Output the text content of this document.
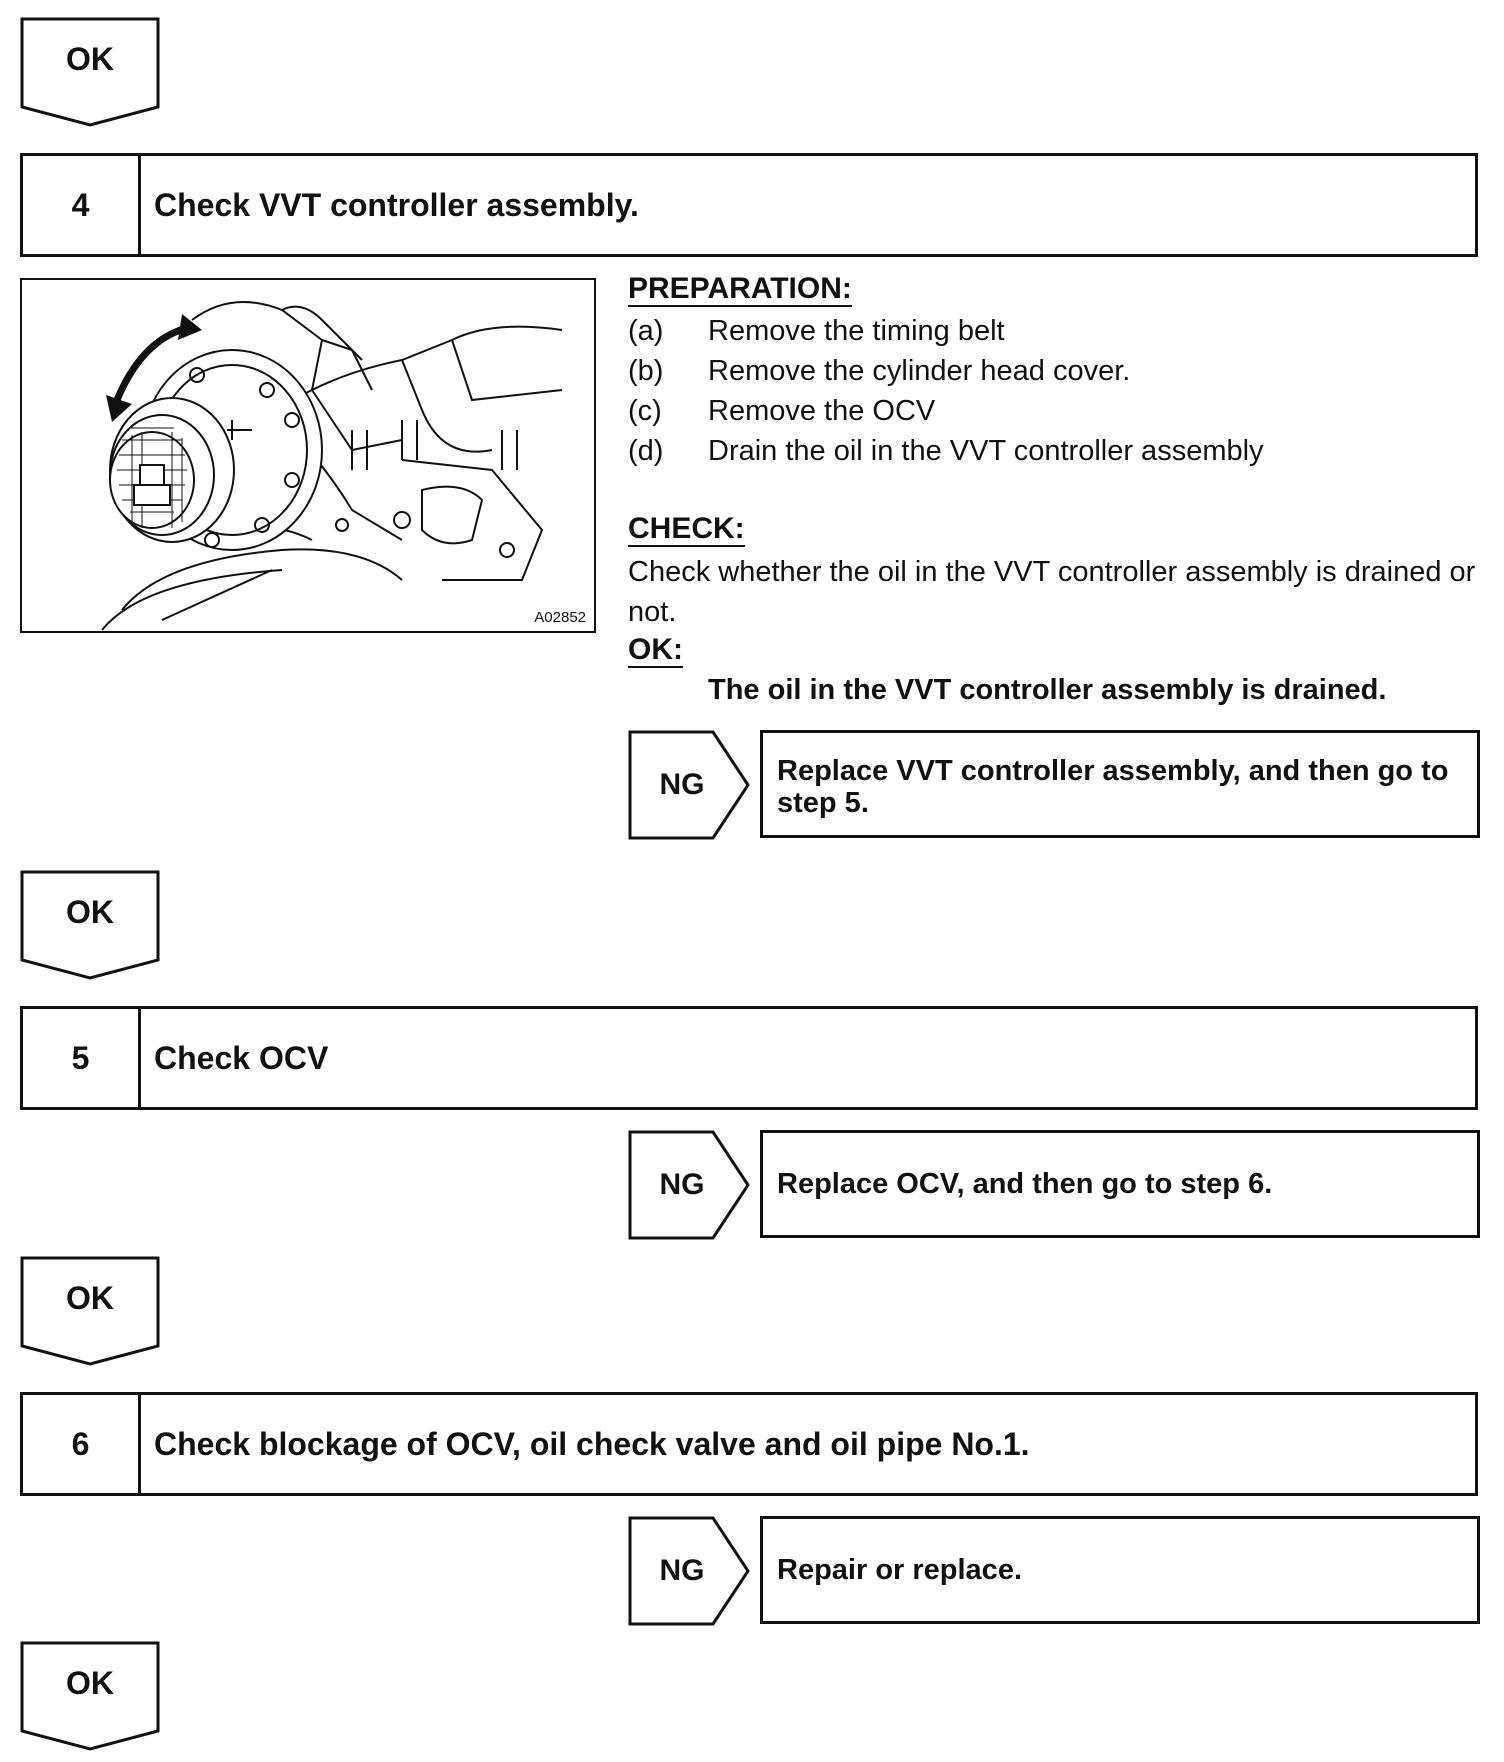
OK
4	Check VVT controller assembly.
A02852
PREPARATION:
(a) Remove the timing belt
(b) Remove the cylinder head cover.
(c) Remove the OCV
(d) Drain the oil in the VVT controller assembly
CHECK:
Check whether the oil in the VVT controller assembly is drained or not.
OK:
The oil in the VVT controller assembly is drained.
NG	Replace VVT controller assembly, and then go to step 5.
OK
5	Check OCV
NG	Replace OCV, and then go to step 6.
OK
6	Check blockage of OCV, oil check valve and oil pipe No.1.
NG	Repair or replace.
OK
